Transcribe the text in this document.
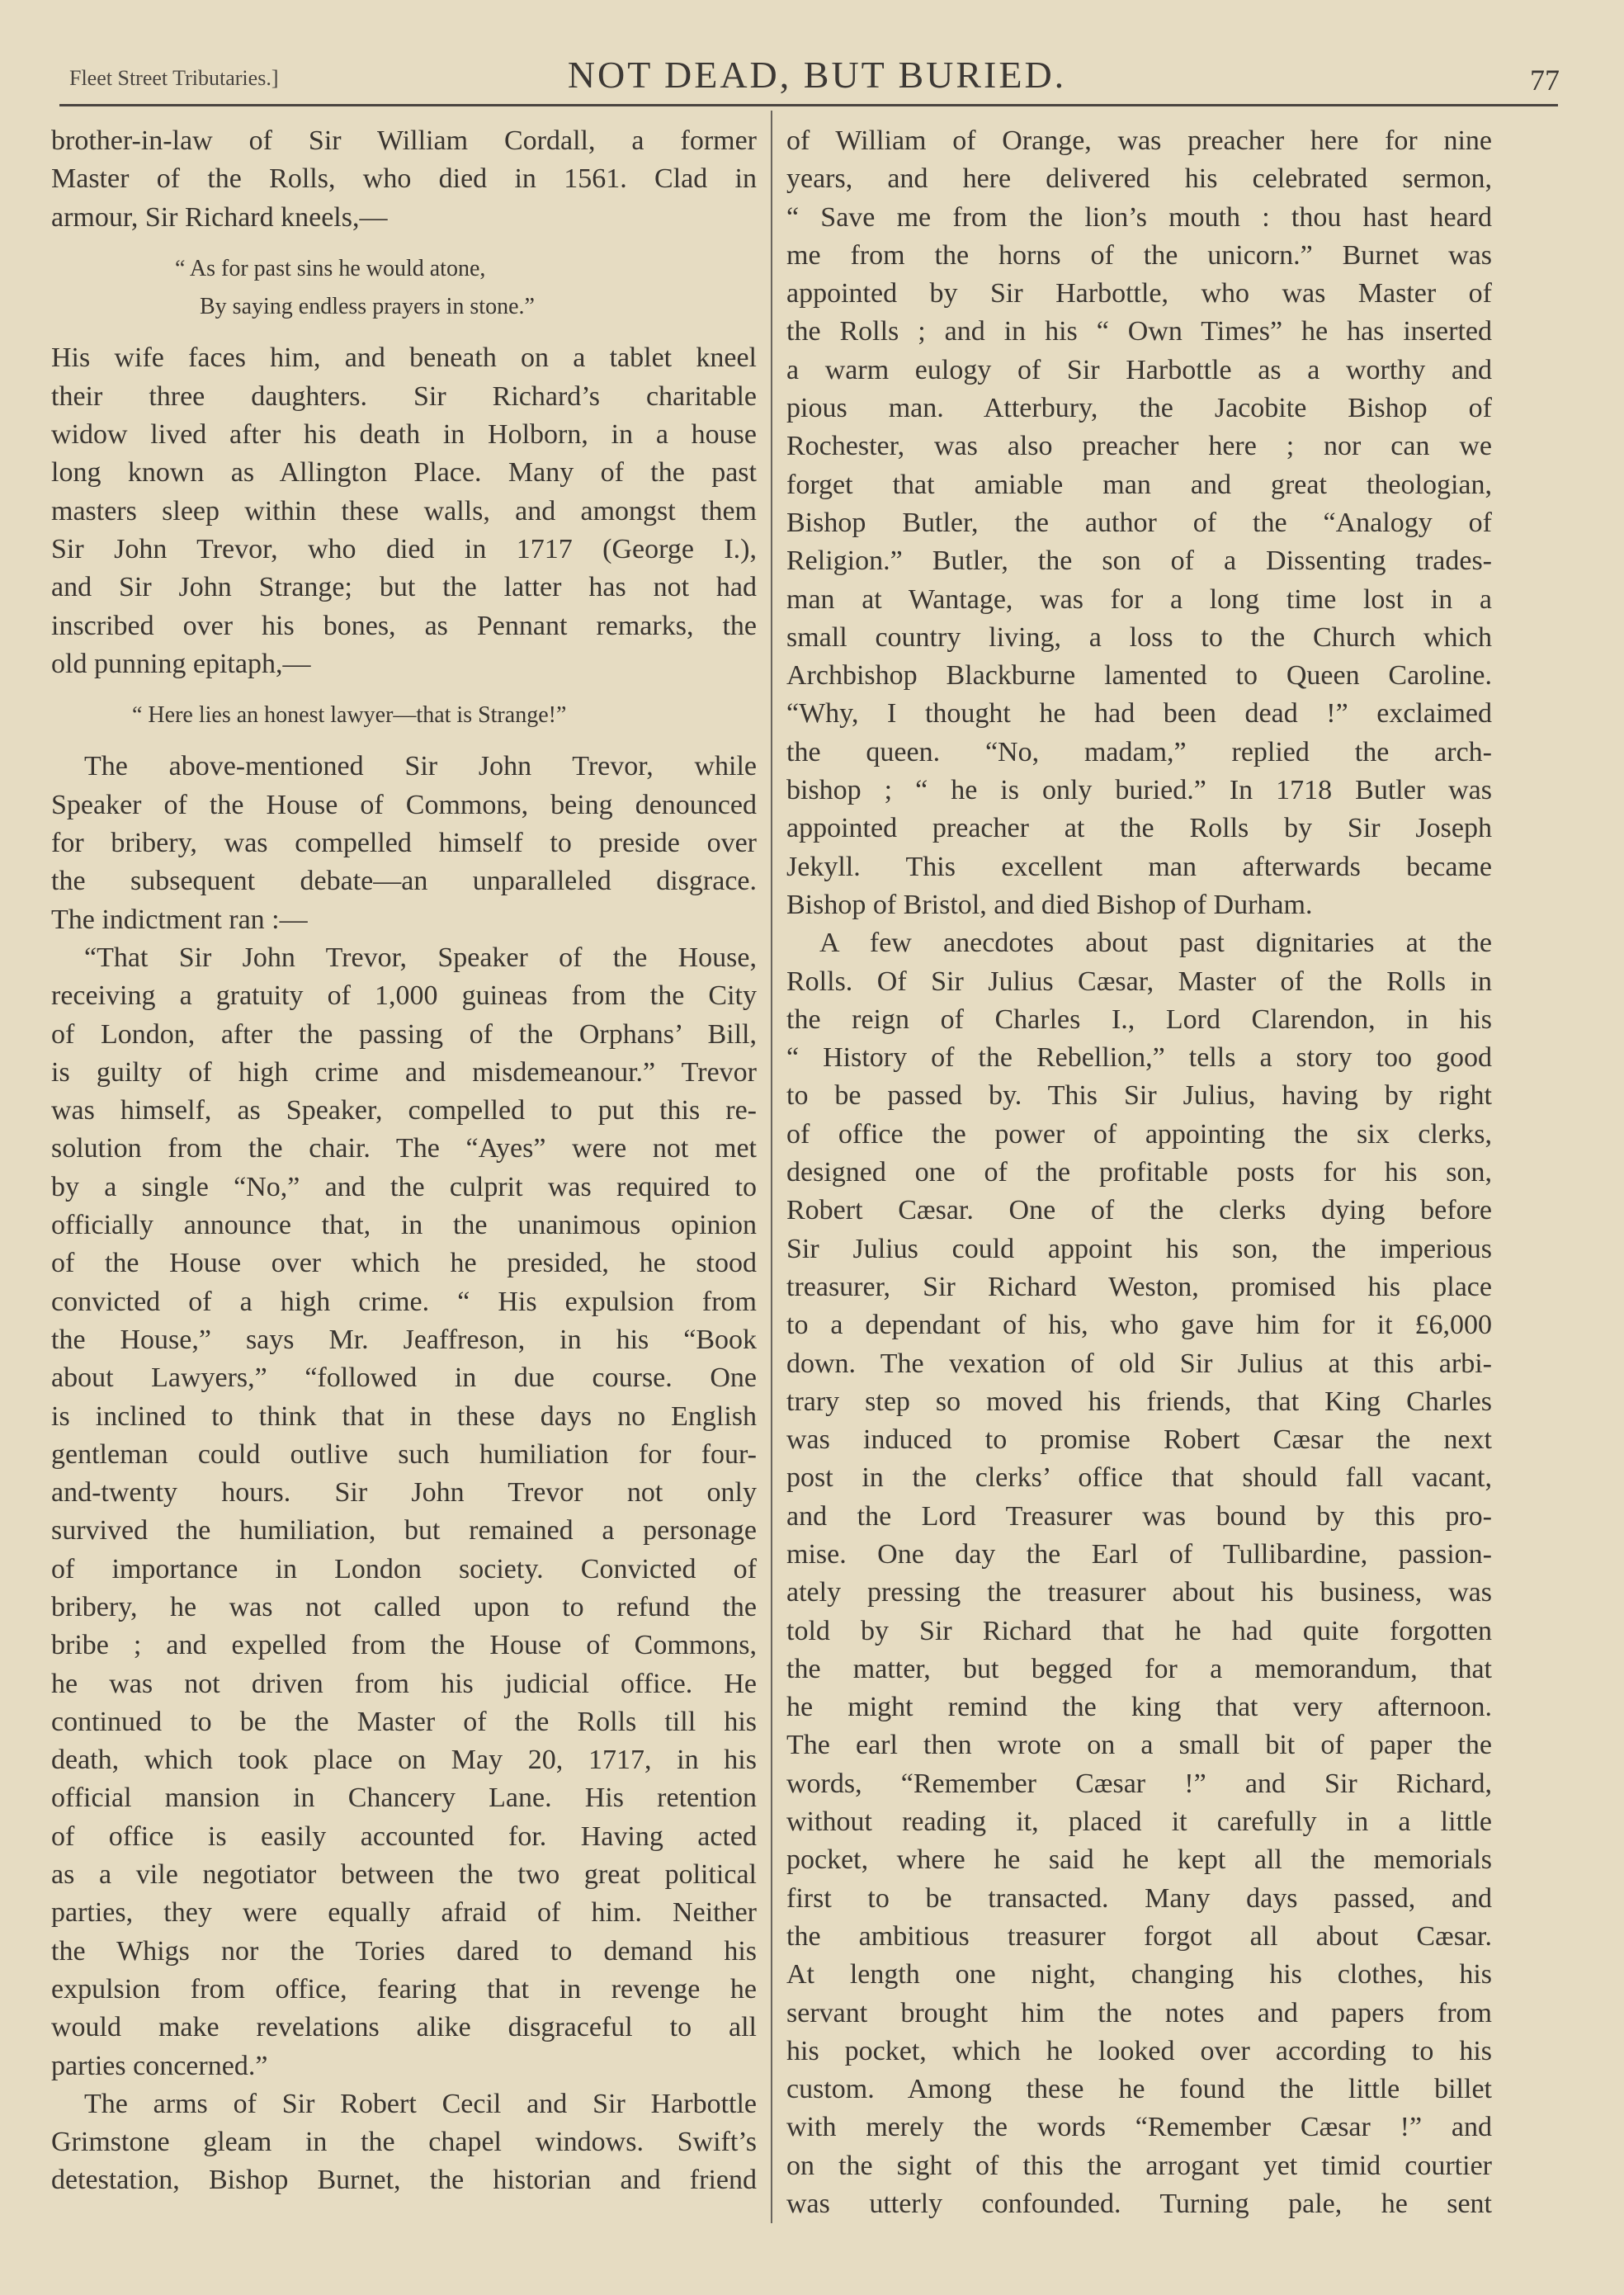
Fleet Street Tributaries.]	NOT DEAD, BUT BURIED.	77
brother-in-law of Sir William Cordall, a former
Master of the Rolls, who died in 1561. Clad in
armour, Sir Richard kneels,—
“ As for past sins he would atone,
By saying endless prayers in stone.”
His wife faces him, and beneath on a tablet kneel
their three daughters. Sir Richard’s charitable
widow lived after his death in Holborn, in a house
long known as Allington Place. Many of the past
masters sleep within these walls, and amongst them
Sir John Trevor, who died in 1717 (George I.),
and Sir John Strange; but the latter has not had
inscribed over his bones, as Pennant remarks, the
old punning epitaph,—
“ Here lies an honest lawyer—that is Strange!”
The above-mentioned Sir John Trevor, while
Speaker of the House of Commons, being denounced
for bribery, was compelled himself to preside over
the subsequent debate—an unparalleled disgrace.
The indictment ran :—
“That Sir John Trevor, Speaker of the House,
receiving a gratuity of 1,000 guineas from the City
of London, after the passing of the Orphans’ Bill,
is guilty of high crime and misdemeanour.” Trevor
was himself, as Speaker, compelled to put this re-
solution from the chair. The “Ayes” were not met
by a single “No,” and the culprit was required to
officially announce that, in the unanimous opinion
of the House over which he presided, he stood
convicted of a high crime. “ His expulsion from
the House,” says Mr. Jeaffreson, in his “Book
about Lawyers,” “followed in due course. One
is inclined to think that in these days no English
gentleman could outlive such humiliation for four-
and-twenty hours. Sir John Trevor not only
survived the humiliation, but remained a personage
of importance in London society. Convicted of
bribery, he was not called upon to refund the
bribe ; and expelled from the House of Commons,
he was not driven from his judicial office. He
continued to be the Master of the Rolls till his
death, which took place on May 20, 1717, in his
official mansion in Chancery Lane. His retention
of office is easily accounted for. Having acted
as a vile negotiator between the two great political
parties, they were equally afraid of him. Neither
the Whigs nor the Tories dared to demand his
expulsion from office, fearing that in revenge he
would make revelations alike disgraceful to all
parties concerned.”
The arms of Sir Robert Cecil and Sir Harbottle
Grimstone gleam in the chapel windows. Swift’s
detestation, Bishop Burnet, the historian and friend
of William of Orange, was preacher here for nine
years, and here delivered his celebrated sermon,
“ Save me from the lion’s mouth : thou hast heard
me from the horns of the unicorn.” Burnet was
appointed by Sir Harbottle, who was Master of
the Rolls ; and in his “ Own Times” he has inserted
a warm eulogy of Sir Harbottle as a worthy and
pious man. Atterbury, the Jacobite Bishop of
Rochester, was also preacher here ; nor can we
forget that amiable man and great theologian,
Bishop Butler, the author of the “Analogy of
Religion.” Butler, the son of a Dissenting trades-
man at Wantage, was for a long time lost in a
small country living, a loss to the Church which
Archbishop Blackburne lamented to Queen Caroline.
“Why, I thought he had been dead !” exclaimed
the queen. “No, madam,” replied the arch-
bishop ; “ he is only buried.” In 1718 Butler was
appointed preacher at the Rolls by Sir Joseph
Jekyll. This excellent man afterwards became
Bishop of Bristol, and died Bishop of Durham.
A few anecdotes about past dignitaries at the
Rolls. Of Sir Julius Cæsar, Master of the Rolls in
the reign of Charles I., Lord Clarendon, in his
“ History of the Rebellion,” tells a story too good
to be passed by. This Sir Julius, having by right
of office the power of appointing the six clerks,
designed one of the profitable posts for his son,
Robert Cæsar. One of the clerks dying before
Sir Julius could appoint his son, the imperious
treasurer, Sir Richard Weston, promised his place
to a dependant of his, who gave him for it £6,000
down. The vexation of old Sir Julius at this arbi-
trary step so moved his friends, that King Charles
was induced to promise Robert Cæsar the next
post in the clerks’ office that should fall vacant,
and the Lord Treasurer was bound by this pro-
mise. One day the Earl of Tullibardine, passion-
ately pressing the treasurer about his business, was
told by Sir Richard that he had quite forgotten
the matter, but begged for a memorandum, that
he might remind the king that very afternoon.
The earl then wrote on a small bit of paper the
words, “Remember Cæsar !” and Sir Richard,
without reading it, placed it carefully in a little
pocket, where he said he kept all the memorials
first to be transacted. Many days passed, and
the ambitious treasurer forgot all about Cæsar.
At length one night, changing his clothes, his
servant brought him the notes and papers from
his pocket, which he looked over according to his
custom. Among these he found the little billet
with merely the words “Remember Cæsar !” and
on the sight of this the arrogant yet timid courtier
was utterly confounded. Turning pale, he sent
